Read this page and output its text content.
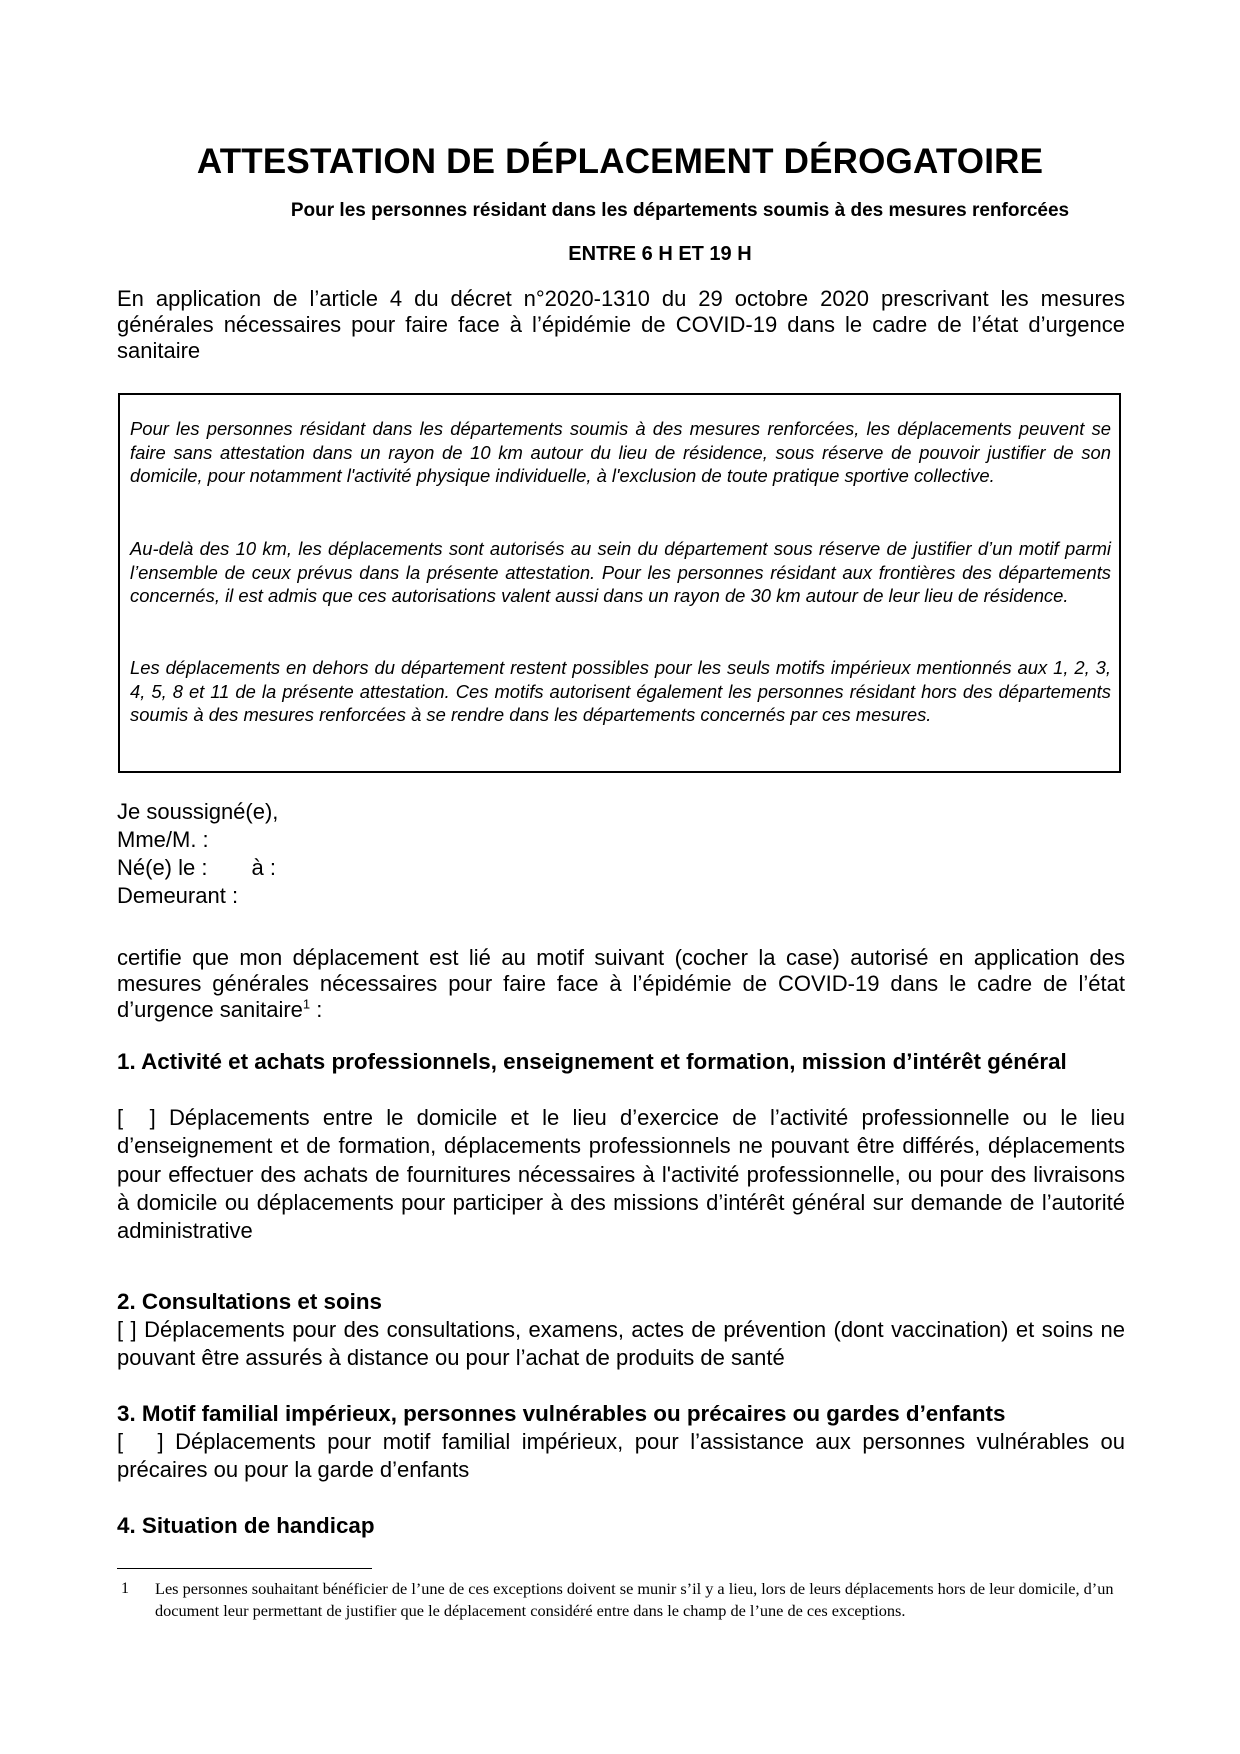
ATTESTATION DE DÉPLACEMENT DÉROGATOIRE
Pour les personnes résidant dans les départements soumis à des mesures renforcées
ENTRE 6 H ET 19 H

En application de l’article 4 du décret n°2020-1310 du 29 octobre 2020 prescrivant les mesures générales nécessaires pour faire face à l’épidémie de COVID-19 dans le cadre de l’état d’urgence sanitaire

Pour les personnes résidant dans les départements soumis à des mesures renforcées, les déplacements peuvent se faire sans attestation dans un rayon de 10 km autour du lieu de résidence, sous réserve de pouvoir justifier de son domicile, pour notamment l'activité physique individuelle, à l'exclusion de toute pratique sportive collective.

Au-delà des 10 km, les déplacements sont autorisés au sein du département sous réserve de justifier d’un motif parmi l’ensemble de ceux prévus dans la présente attestation. Pour les personnes résidant aux frontières des départements concernés, il est admis que ces autorisations valent aussi dans un rayon de 30 km autour de leur lieu de résidence.

Les déplacements en dehors du département restent possibles pour les seuls motifs impérieux mentionnés aux 1, 2, 3, 4, 5, 8 et 11 de la présente attestation. Ces motifs autorisent également les personnes résidant hors des départements soumis à des mesures renforcées à se rendre dans les départements concernés par ces mesures.

Je soussigné(e),
Mme/M. :
Né(e) le : à :
Demeurant :

certifie que mon déplacement est lié au motif suivant (cocher la case) autorisé en application des mesures générales nécessaires pour faire face à l’épidémie de COVID-19 dans le cadre de l’état d’urgence sanitaire$^1$ :

1. Activité et achats professionnels, enseignement et formation, mission d’intérêt général

[  ] Déplacements entre le domicile et le lieu d’exercice de l’activité professionnelle ou le lieu d’enseignement et de formation, déplacements professionnels ne pouvant être différés, déplacements pour effectuer des achats de fournitures nécessaires à l'activité professionnelle, ou pour des livraisons à domicile ou déplacements pour participer à des missions d’intérêt général sur demande de l’autorité administrative

2. Consultations et soins

[ ] Déplacements pour des consultations, examens, actes de prévention (dont vaccination) et soins ne pouvant être assurés à distance ou pour l’achat de produits de santé

3. Motif familial impérieux, personnes vulnérables ou précaires ou gardes d’enfants

[   ] Déplacements pour motif familial impérieux, pour l’assistance aux personnes vulnérables ou précaires ou pour la garde d’enfants

4. Situation de handicap

1 Les personnes souhaitant bénéficier de l’une de ces exceptions doivent se munir s’il y a lieu, lors de leurs déplacements hors de leur domicile, d’un document leur permettant de justifier que le déplacement considéré entre dans le champ de l’une de ces exceptions.
